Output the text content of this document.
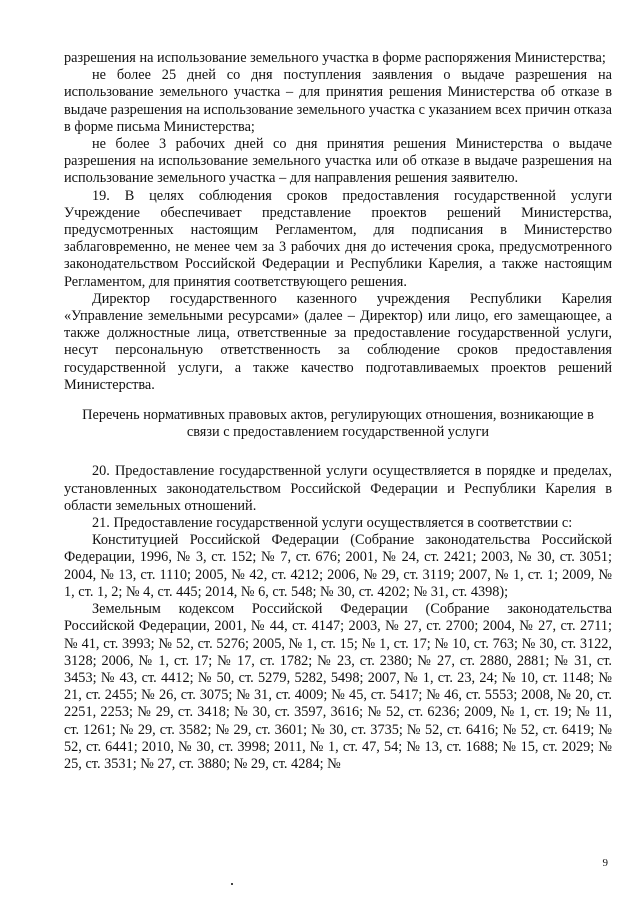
разрешения на использование земельного участка в форме распоряжения Министерства;

не более 25 дней со дня поступления заявления о выдаче разрешения на использование земельного участка – для принятия решения Министерства об отказе в выдаче разрешения на использование земельного участка с указанием всех причин отказа в форме письма Министерства;

не более 3 рабочих дней со дня принятия решения Министерства о выдаче разрешения на использование земельного участка или об отказе в выдаче разрешения на использование земельного участка – для направления решения заявителю.

19. В целях соблюдения сроков предоставления государственной услуги Учреждение обеспечивает представление проектов решений Министерства, предусмотренных настоящим Регламентом, для подписания в Министерство заблаговременно, не менее чем за 3 рабочих дня до истечения срока, предусмотренного законодательством Российской Федерации и Республики Карелия, а также настоящим Регламентом, для принятия соответствующего решения.

Директор государственного казенного учреждения Республики Карелия «Управление земельными ресурсами» (далее – Директор) или лицо, его замещающее, а также должностные лица, ответственные за предоставление государственной услуги, несут персональную ответственность за соблюдение сроков предоставления государственной услуги, а также качество подготавливаемых проектов решений Министерства.

Перечень нормативных правовых актов, регулирующих отношения, возникающие в связи с предоставлением государственной услуги

20. Предоставление государственной услуги осуществляется в порядке и пределах, установленных законодательством Российской Федерации и Республики Карелия в области земельных отношений.

21. Предоставление государственной услуги осуществляется в соответствии с:

Конституцией Российской Федерации (Собрание законодательства Российской Федерации, 1996, № 3, ст. 152; № 7, ст. 676; 2001, № 24, ст. 2421; 2003, № 30, ст. 3051; 2004, № 13, ст. 1110; 2005, № 42, ст. 4212; 2006, № 29, ст. 3119; 2007, № 1, ст. 1; 2009, № 1, ст. 1, 2; № 4, ст. 445; 2014, № 6, ст. 548; № 30, ст. 4202; № 31, ст. 4398);

Земельным кодексом Российской Федерации (Собрание законодательства Российской Федерации, 2001, № 44, ст. 4147; 2003, № 27, ст. 2700; 2004, № 27, ст. 2711; № 41, ст. 3993; № 52, ст. 5276; 2005, № 1, ст. 15; № 1, ст. 17; № 10, ст. 763; № 30, ст. 3122, 3128; 2006, № 1, ст. 17; № 17, ст. 1782; № 23, ст. 2380; № 27, ст. 2880, 2881; № 31, ст. 3453; № 43, ст. 4412; № 50, ст. 5279, 5282, 5498; 2007, № 1, ст. 23, 24; № 10, ст. 1148; № 21, ст. 2455; № 26, ст. 3075; № 31, ст. 4009; № 45, ст. 5417; № 46, ст. 5553; 2008, № 20, ст. 2251, 2253; № 29, ст. 3418; № 30, ст. 3597, 3616; № 52, ст. 6236; 2009, № 1, ст. 19; № 11, ст. 1261; № 29, ст. 3582; № 29, ст. 3601; № 30, ст. 3735; № 52, ст. 6416; № 52, ст. 6419; № 52, ст. 6441; 2010, № 30, ст. 3998; 2011, № 1, ст. 47, 54; № 13, ст. 1688; № 15, ст. 2029; № 25, ст. 3531; № 27, ст. 3880; № 29, ст. 4284; №

9
